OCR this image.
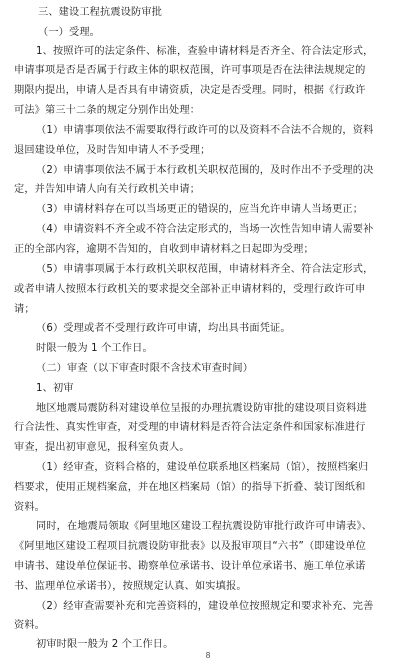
三、建设工程抗震设防审批
（一）受理。
1、按照许可的法定条件、标准，查验申请材料是否齐全、符合法定形式，
申请事项是否是否属于行政主体的职权范围，许可事项是否在法律法规规定的
期限内提出，申请人是否具有申请资质，决定是否受理。同时，根据《行政许
可法》第三十二条的规定分别作出处理：
（1）申请事项依法不需要取得行政许可的以及资料不合法不合规的，资料
退回建设单位，及时告知申请人不予受理；
（2）申请事项依法不属于本行政机关职权范围的，及时作出不予受理的决
定，并告知申请人向有关行政机关申请；
（3）申请材料存在可以当场更正的错误的，应当允许申请人当场更正；
（4）申请资料不齐全或不符合法定形式的，当场一次性告知申请人需要补
正的全部内容，逾期不告知的，自收到申请材料之日起即为受理；
（5）申请事项属于本行政机关职权范围，申请材料齐全、符合法定形式，
或者申请人按照本行政机关的要求提交全部补正申请材料的，受理行政许可申
请；
（6）受理或者不受理行政许可申请，均出具书面凭证。
时限一般为 1 个工作日。
（二）审查（以下审查时限不含技术审查时间）
1、初审
地区地震局震防科对建设单位呈报的办理抗震设防审批的建设项目资料进
行合法性、真实性审查，对受理的申请材料是否符合法定条件和国家标准进行
审查，提出初审意见，报科室负责人。
（1）经审查，资料合格的，建设单位联系地区档案局（馆），按照档案归
档要求，使用正规档案盒，并在地区档案局（馆）的指导下折叠、装订图纸和
资料。
同时，在地震局领取《阿里地区建设工程抗震设防审批行政许可申请表》、
《阿里地区建设工程项目抗震设防审批表》以及报审项目“六书”（即建设单位
申请书、建设单位保证书、勘察单位承诺书、设计单位承诺书、施工单位承诺
书、监理单位承诺书），按照规定认真、如实填报。
（2）经审查需要补充和完善资料的，建设单位按照规定和要求补充、完善
资料。
初审时限一般为 2 个工作日。
8
